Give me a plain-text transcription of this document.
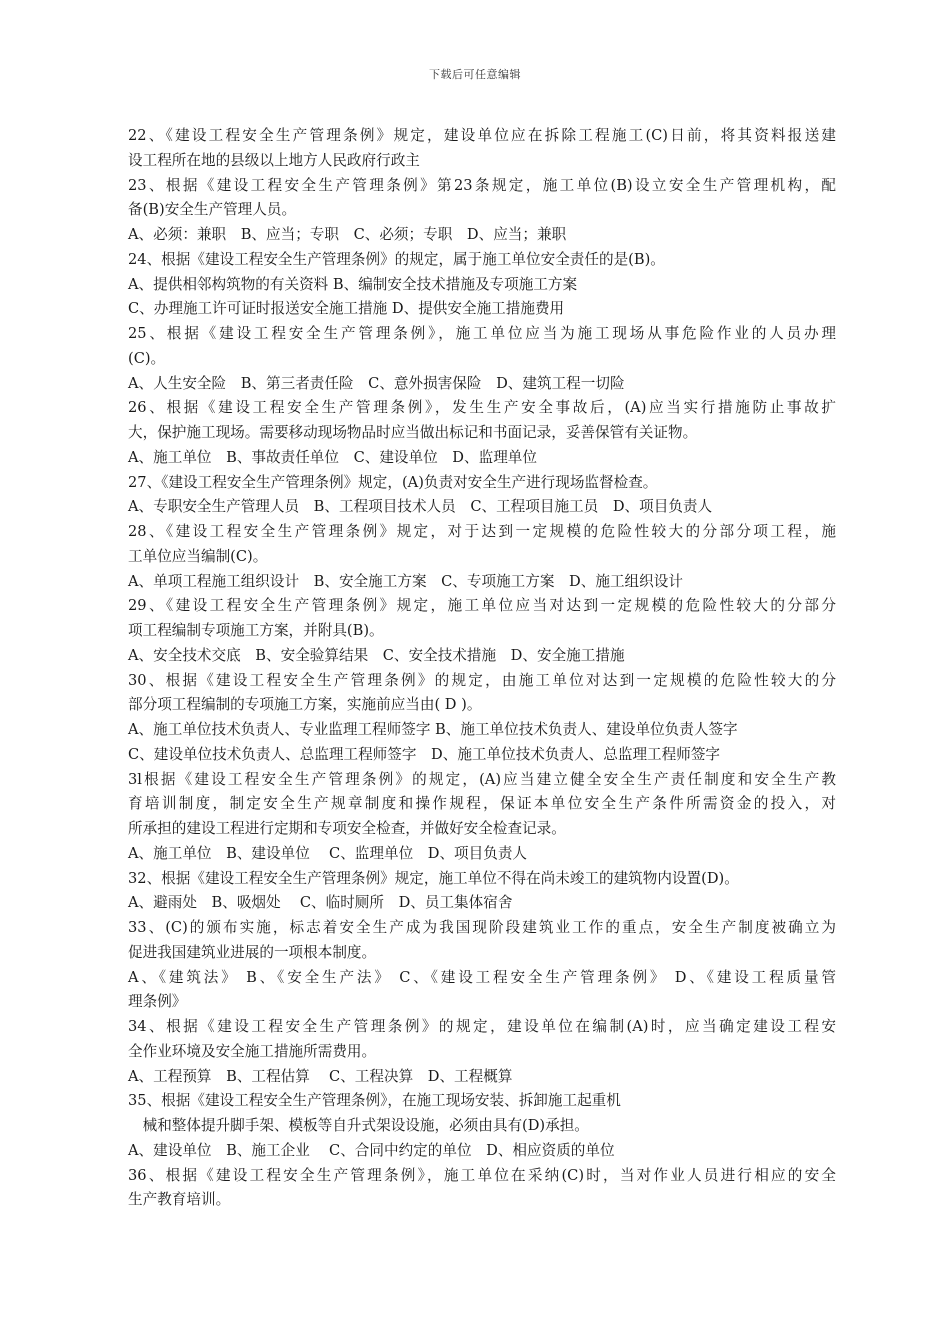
下载后可任意编辑
22、《建设工程安全生产管理条例》规定，建设单位应在拆除工程施工(C)日前，将其资料报送建
设工程所在地的县级以上地方人民政府行政主
23、根据《建设工程安全生产管理条例》第23条规定，施工单位(B)设立安全生产管理机构，配
备(B)安全生产管理人员。
A、必须：兼职　B、应当；专职　C、必须；专职　D、应当；兼职
24、根据《建设工程安全生产管理条例》的规定，属于施工单位安全责任的是(B)。
A、提供相邻构筑物的有关资料 B、编制安全技术措施及专项施工方案
C、办理施工许可证时报送安全施工措施 D、提供安全施工措施费用
25、根据《建设工程安全生产管理条例》，施工单位应当为施工现场从事危险作业的人员办理
(C)。
A、人生安全险　B、第三者责任险　C、意外损害保险　D、建筑工程一切险
26、根据《建设工程安全生产管理条例》，发生生产安全事故后，(A)应当实行措施防止事故扩
大，保护施工现场。需要移动现场物品时应当做出标记和书面记录，妥善保管有关证物。
A、施工单位　B、事故责任单位　C、建设单位　D、监理单位
27、《建设工程安全生产管理条例》规定，(A)负责对安全生产进行现场监督检查。
A、专职安全生产管理人员　B、工程项目技术人员　C、工程项目施工员　D、项目负责人
28、《建设工程安全生产管理条例》规定，对于达到一定规模的危险性较大的分部分项工程，施
工单位应当编制(C)。
A、单项工程施工组织设计　B、安全施工方案　C、专项施工方案　D、施工组织设计
29、《建设工程安全生产管理条例》规定，施工单位应当对达到一定规模的危险性较大的分部分
项工程编制专项施工方案，并附具(B)。
A、安全技术交底　B、安全验算结果　C、安全技术措施　D、安全施工措施
30、根据《建设工程安全生产管理条例》的规定，由施工单位对达到一定规模的危险性较大的分
部分项工程编制的专项施工方案，实施前应当由( D )。
A、施工单位技术负责人、专业监理工程师签字 B、施工单位技术负责人、建设单位负责人签字
C、建设单位技术负责人、总监理工程师签字　D、施工单位技术负责人、总监理工程师签字
3l根据《建设工程安全生产管理条例》的规定，(A)应当建立健全安全生产责任制度和安全生产教
育培训制度，制定安全生产规章制度和操作规程，保证本单位安全生产条件所需资金的投入，对
所承担的建设工程进行定期和专项安全检查，并做好安全检查记录。
A、施工单位　B、建设单位　 C、监理单位　D、项目负责人
32、根据《建设工程安全生产管理条例》规定，施工单位不得在尚未竣工的建筑物内设置(D)。
A、避雨处　B、吸烟处　 C、临时厕所　D、员工集体宿舍
33、(C)的颁布实施，标志着安全生产成为我国现阶段建筑业工作的重点，安全生产制度被确立为
促进我国建筑业进展的一项根本制度。
A、《建筑法》 B、《安全生产法》 C、《建设工程安全生产管理条例》 D、《建设工程质量管
理条例》
34、根据《建设工程安全生产管理条例》的规定，建设单位在编制(A)时，应当确定建设工程安
全作业环境及安全施工措施所需费用。
A、工程预算　B、工程估算　 C、工程决算　D、工程概算
35、根据《建设工程安全生产管理条例》，在施工现场安装、拆卸施工起重机
　械和整体提升脚手架、模板等自升式架设设施，必须由具有(D)承担。
A、建设单位　B、施工企业　 C、合同中约定的单位　D、相应资质的单位
36、根据《建设工程安全生产管理条例》，施工单位在采纳(C)时，当对作业人员进行相应的安全
生产教育培训。
